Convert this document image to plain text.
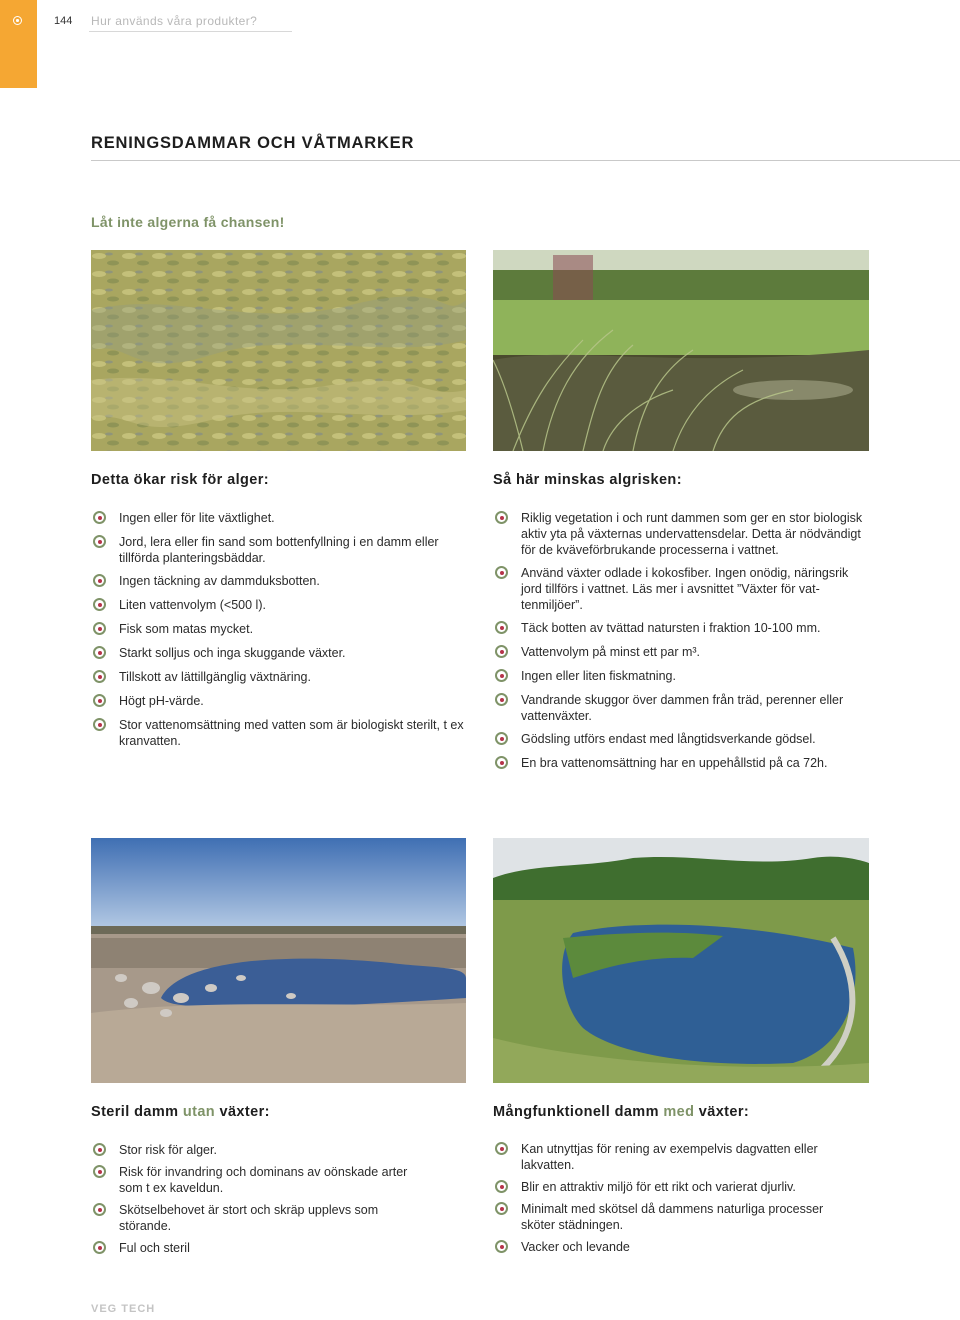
144 Hur används våra produkter?
RENINGSDAMMAR OCH VÅTMARKER
Låt inte algerna få chansen!
Detta ökar risk för alger:
Ingen eller för lite växtlighet.
Jord, lera eller fin sand som bottenfyllning i en damm eller tillförda planteringsbäddar.
Ingen täckning av dammduksbotten.
Liten vattenvolym (<500 l).
Fisk som matas mycket.
Starkt solljus och inga skuggande växter.
Tillskott av lättillgänglig växtnäring.
Högt pH-värde.
Stor vattenomsättning med vatten som är biologiskt sterilt, t ex kranvatten.
Så här minskas algrisken:
Riklig vegetation i och runt dammen som ger en stor biologisk aktiv yta på växternas undervattensdelar. Detta är nödvändigt för de kväveförbrukande processerna i vattnet.
Använd växter odlade i kokosfiber. Ingen onödig, näringsrik jord tillförs i vattnet. Läs mer i avsnittet ”Växter för vattenmiljöer”.
Täck botten av tvättad natursten i fraktion 10-100 mm.
Vattenvolym på minst ett par m³.
Ingen eller liten fiskmatning.
Vandrande skuggor över dammen från träd, perenner eller vattenväxter.
Gödsling utförs endast med långtidsverkande gödsel.
En bra vattenomsättning har en uppehållstid på ca 72h.
Steril damm utan växter:
Stor risk för alger.
Risk för invandring och dominans av oönskade arter som t ex kaveldun.
Skötselbehovet är stort och skräp upplevs som störande.
Ful och steril
Mångfunktionell damm med växter:
Kan utnyttjas för rening av exempelvis dagvatten eller lakvatten.
Blir en attraktiv miljö för ett rikt och varierat djurliv.
Minimalt med skötsel då dammens naturliga processer sköter städningen.
Vacker och levande
VEG TECH
